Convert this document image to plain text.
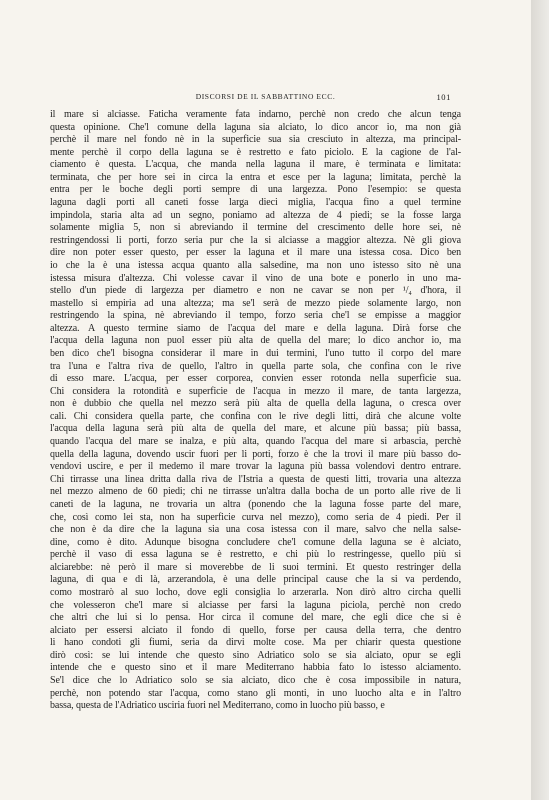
DISCORSI DE IL SABBATTINO ECC.	101
il mare si alciasse. Faticha veramente fata indarno, perchè non credo che alcun tenga
questa opinione. Che'l comune della laguna sia alciato, lo dico ancor io, ma non già
perchè il mare nel fondo nè in la superficie sua sia cresciuto in altezza, ma principal-
mente perchè il corpo della laguna se è restretto e fato piciolo. E la cagione de l'al-
ciamento è questa. L'acqua, che manda nella laguna il mare, è terminata e limitata:
terminata, che per hore sei in circa la entra et esce per la laguna; limitata, perchè la
entra per le boche degli porti sempre di una largezza. Pono l'esempio: se questa
laguna dagli porti all caneti fosse larga dieci miglia, l'acqua fino a quel termine
impindola, staria alta ad un segno, poniamo ad altezza de 4 piedi; se la fosse larga
solamente miglia 5, non si abreviando il termine del crescimento delle hore sei, nè
restringendossi li porti, forzo seria pur che la si alciasse a maggior altezza. Nè gli giova
dire non poter esser questo, per esser la laguna et il mare una istessa cosa. Dico ben
io che la è una istessa acqua quanto alla salsedine, ma non uno istesso sito nè una
istessa misura d'altezza. Chi volesse cavar il vino de una bote e ponerlo in uno ma-
stello d'un piede di largezza per diametro e non ne cavar se non per ¹/₄ d'hora, il
mastello si empiria ad una altezza; ma se'l serà de mezzo piede solamente largo, non
restringendo la spina, nè abreviando il tempo, forzo seria che'l se empisse a maggior
altezza. A questo termine siamo de l'acqua del mare e della laguna. Dirà forse che
l'acqua della laguna non puol esser più alta de quella del mare; lo dico anchor io, ma
ben dico che'l bisogna considerar il mare in dui termini, l'uno tutto il corpo del mare
tra l'una e l'altra riva de quello, l'altro in quella parte sola, che confina con le rive
di esso mare. L'acqua, per esser corporea, convien esser rotonda nella superficie sua.
Chi considera la rotondità e superficie de l'acqua in mezzo il mare, de tanta largezza,
non è dubbio che quella nel mezzo serà più alta de quella della laguna, o cresca over
cali. Chi considera quella parte, che confina con le rive degli litti, dirà che alcune volte
l'acqua della laguna serà più alta de quella del mare, et alcune più bassa; più bassa,
quando l'acqua del mare se inalza, e più alta, quando l'acqua del mare si arbascia, perchè
quella della laguna, dovendo uscir fuori per li porti, forzo è che la trovi il mare più basso do-
vendovi uscire, e per il medemo il mare trovar la laguna più bassa volendovi dentro entrare.
Chi tirrasse una linea dritta dalla riva de l'Istria a questa de questi litti, trovaria una altezza
nel mezzo almeno de 60 piedi; chi ne tirrasse un'altra dalla bocha de un porto alle rive de li
caneti de la laguna, ne trovaria un altra (ponendo che la laguna fosse parte del mare,
che, così como lei sta, non ha superficie curva nel mezzo), como seria de 4 piedi. Per il
che non è da dire che la laguna sia una cosa istessa con il mare, salvo che nella salse-
dine, como è dito. Adunque bisogna concludere che'l comune della laguna se è alciato,
perchè il vaso di essa laguna se è restretto, e chi più lo restringesse, quello più si
alciarebbe: nè però il mare si moverebbe de li suoi termini. Et questo restringer della
laguna, di qua e di là, arzerandola, è una delle principal cause che la si va perdendo,
como mostrarò al suo locho, dove egli consiglia lo arzerarla. Non dirò altro circha quelli
che volesseron che'l mare si alciasse per farsi la laguna piciola, perchè non credo
che altri che lui si lo pensa. Hor circa il comune del mare, che egli dice che si è
alciato per essersi alciato il fondo di quello, forse per causa della terra, che dentro
li hano condoti gli fiumi, seria da dirvi molte cose. Ma per chiarir questa questione
dirò così: se lui intende che questo sino Adriatico solo se sia alciato, opur se egli
intende che e questo sino et il mare Mediterrano habbia fato lo istesso alciamento.
Se'l dice che lo Adriatico solo se sia alciato, dico che è cosa impossibile in natura,
perchè, non potendo star l'acqua, como stano gli monti, in uno luocho alta e in l'altro
bassa, questa de l'Adriatico usciria fuori nel Mediterrano, como in luocho più basso, e
